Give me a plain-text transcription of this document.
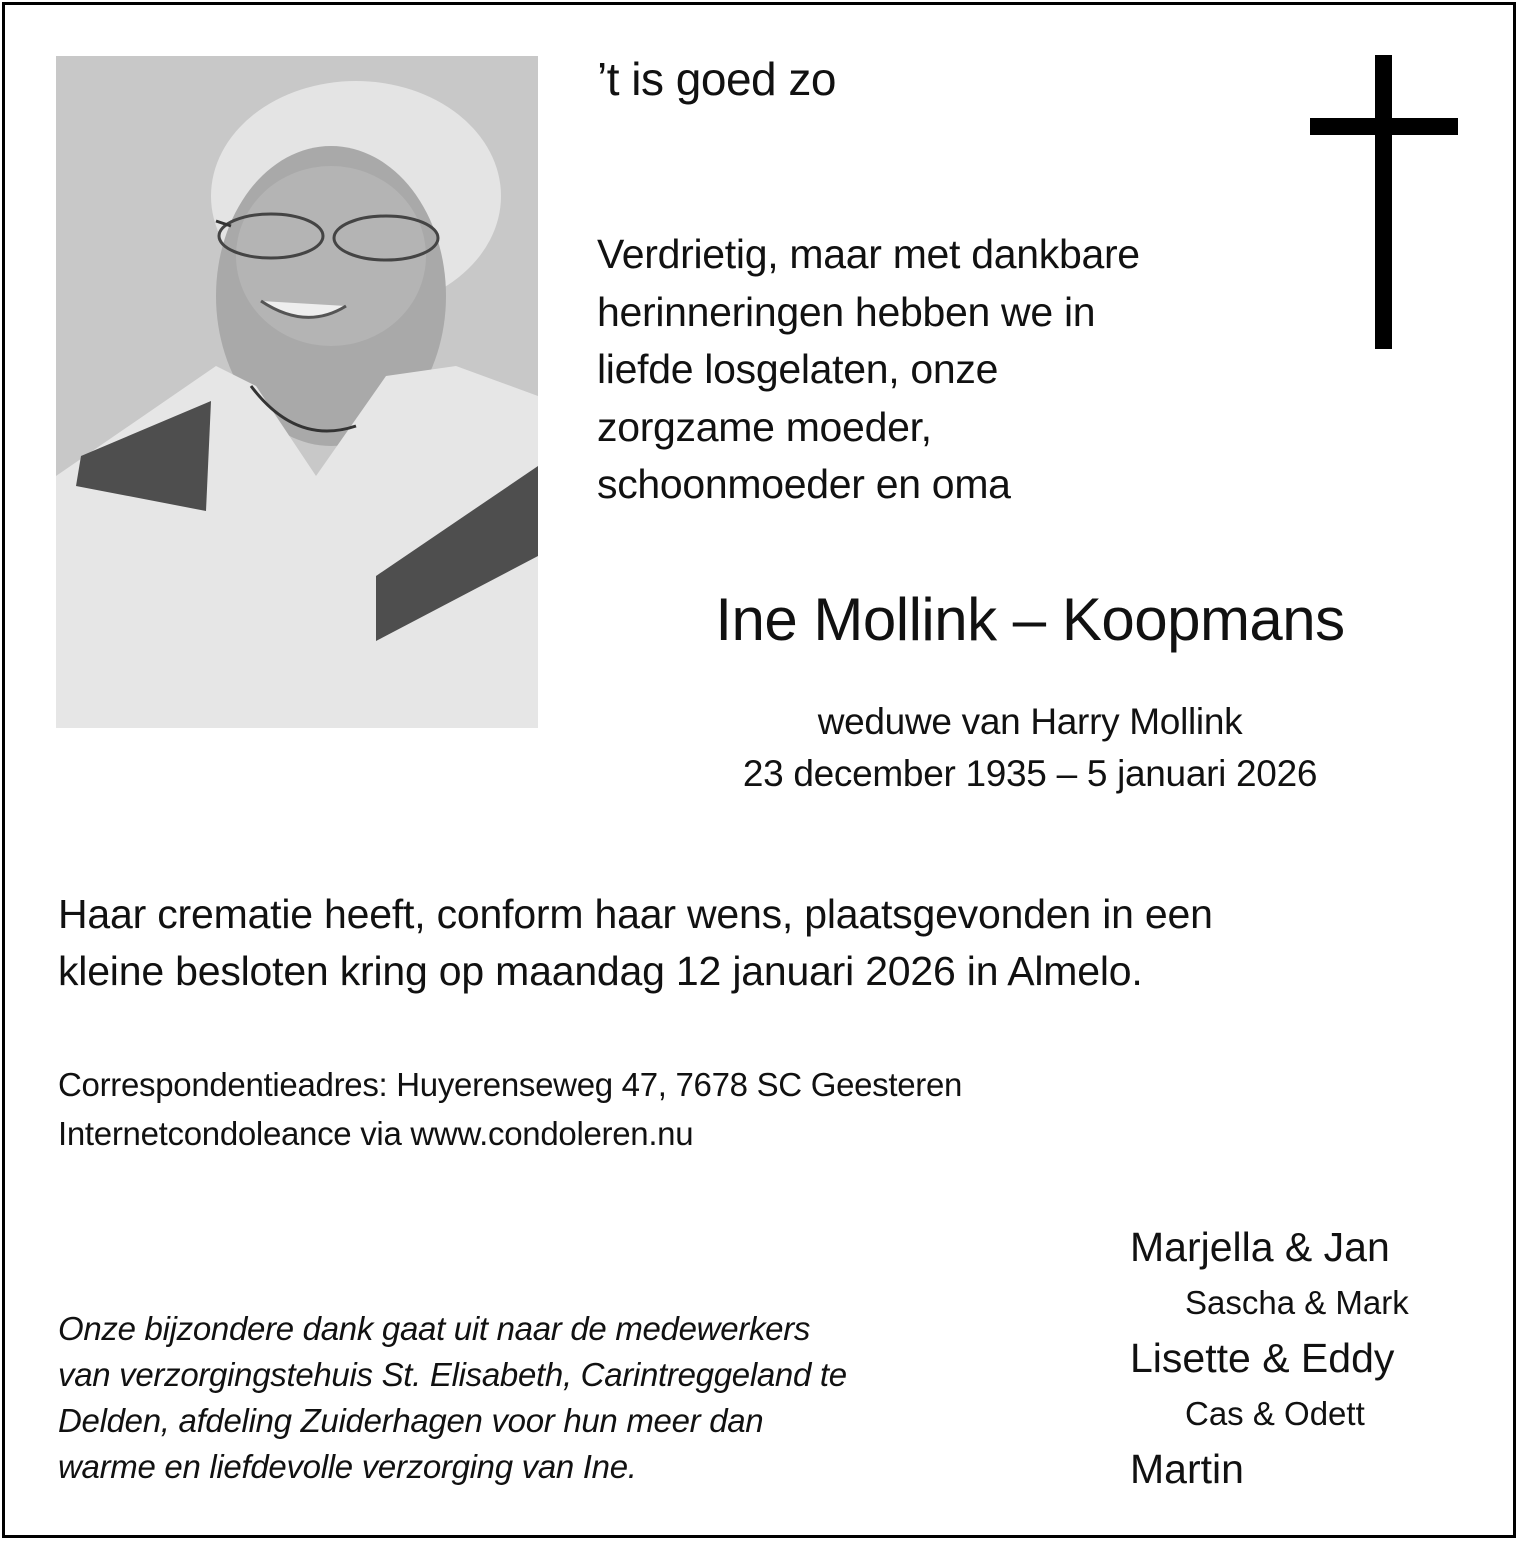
’t is goed zo
Verdrietig, maar met dankbare
herinneringen hebben we in
liefde losgelaten, onze
zorgzame moeder,
schoonmoeder en oma
Ine Mollink – Koopmans
weduwe van Harry Mollink
23 december 1935 – 5 januari 2026
Haar crematie heeft, conform haar wens, plaatsgevonden in een
kleine besloten kring op maandag 12 januari 2026 in Almelo.
Correspondentieadres: Huyerenseweg 47, 7678 SC Geesteren
Internetcondoleance via www.condoleren.nu
Onze bijzondere dank gaat uit naar de medewerkers
van verzorgingstehuis St. Elisabeth, Carintreggeland te
Delden, afdeling Zuiderhagen voor hun meer dan
warme en liefdevolle verzorging van Ine.
Marjella & Jan
Sascha & Mark
Lisette & Eddy
Cas & Odett
Martin
